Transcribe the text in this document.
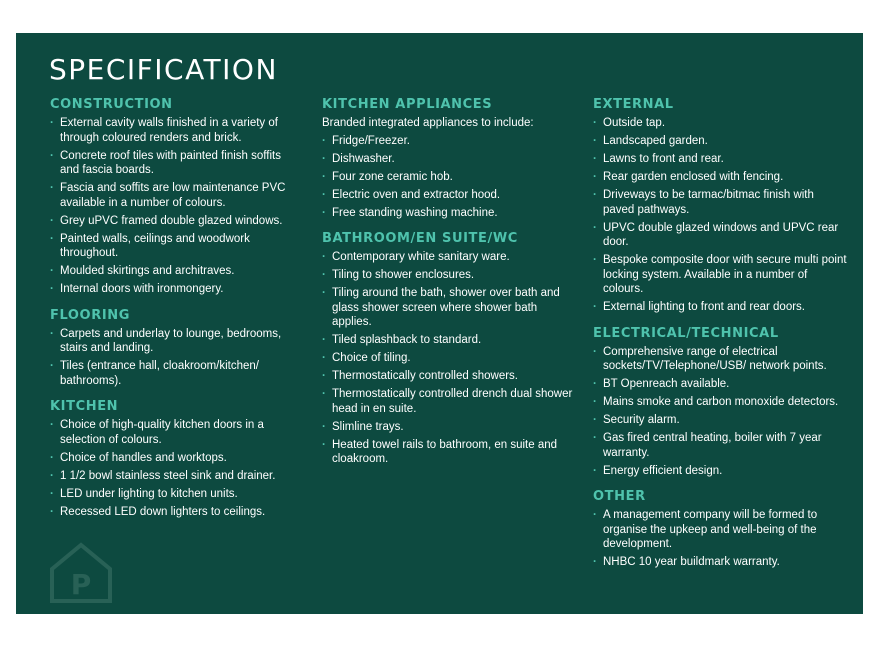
SPECIFICATION
CONSTRUCTION
· External cavity walls finished in a variety of through coloured renders and brick.
· Concrete roof tiles with painted finish soffits and fascia boards.
· Fascia and soffits are low maintenance PVC available in a number of colours.
· Grey uPVC framed double glazed windows.
· Painted walls, ceilings and woodwork throughout.
· Moulded skirtings and architraves.
· Internal doors with ironmongery.
FLOORING
· Carpets and underlay to lounge, bedrooms, stairs and landing.
· Tiles (entrance hall, cloakroom/kitchen/ bathrooms).
KITCHEN
· Choice of high-quality kitchen doors in a selection of colours.
· Choice of handles and worktops.
· 1 1/2 bowl stainless steel sink and drainer.
· LED under lighting to kitchen units.
· Recessed LED down lighters to ceilings.
KITCHEN APPLIANCES

Branded integrated appliances to include:

· Fridge/Freezer.
· Dishwasher.
· Four zone ceramic hob.
· Electric oven and extractor hood.
· Free standing washing machine.
BATHROOM/EN SUITE/WC
· Contemporary white sanitary ware.
· Tiling to shower enclosures.
· Tiling around the bath, shower over bath and glass shower screen where shower bath applies.
· Tiled splashback to standard.
· Choice of tiling.
· Thermostatically controlled showers.
· Thermostatically controlled drench dual shower head in en suite.
· Slimline trays.
· Heated towel rails to bathroom, en suite and cloakroom.
EXTERNAL
· Outside tap.
· Landscaped garden.
· Lawns to front and rear.
· Rear garden enclosed with fencing.
· Driveways to be tarmac/bitmac finish with paved pathways.
· UPVC double glazed windows and UPVC rear door.
· Bespoke composite door with secure multi point locking system. Available in a number of colours.
· External lighting to front and rear doors.
ELECTRICAL/TECHNICAL
· Comprehensive range of electrical sockets/TV/Telephone/USB/ network points.
· BT Openreach available.
· Mains smoke and carbon monoxide detectors.
· Security alarm.
· Gas fired central heating, boiler with 7 year warranty.
· Energy efficient design.
OTHER
· A management company will be formed to organise the upkeep and well-being of the development.
· NHBC 10 year buildmark warranty.
P
